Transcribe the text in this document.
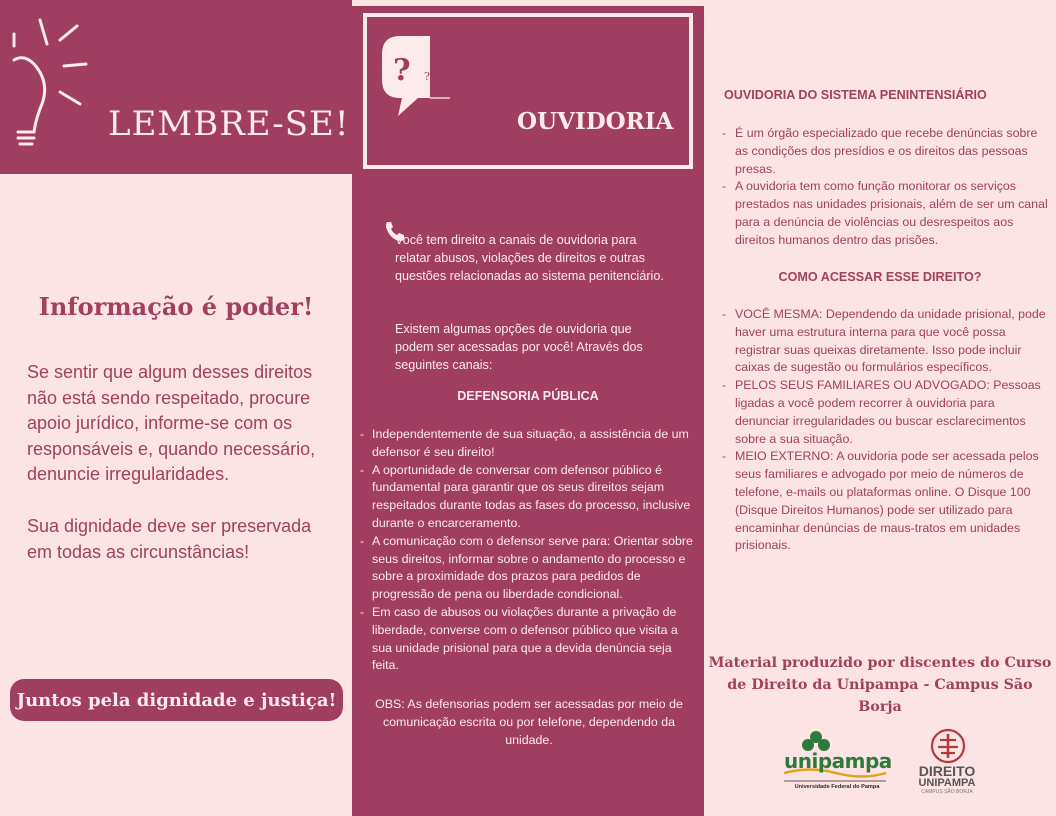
LEMBRE-SE!
Informação é poder!

Se sentir que algum desses direitos não está sendo respeitado, procure apoio jurídico, informe-se com os responsáveis e, quando necessário, denuncie irregularidades.

Sua dignidade deve ser preservada em todas as circunstâncias!

Juntos pela dignidade e justiça!
? ?
OUVIDORIA

Você tem direito a canais de ouvidoria para relatar abusos, violações de direitos e outras questões relacionadas ao sistema penitenciário.

Existem algumas opções de ouvidoria que podem ser acessadas por você! Através dos seguintes canais:

DEFENSORIA PÚBLICA
- Independentemente de sua situação, a assistência de um defensor é seu direito!
- A oportunidade de conversar com defensor público é fundamental para garantir que os seus direitos sejam respeitados durante todas as fases do processo, inclusive durante o encarceramento.
- A comunicação com o defensor serve para: Orientar sobre seus direitos, informar sobre o andamento do processo e sobre a proximidade dos prazos para pedidos de progressão de pena ou liberdade condicional.
- Em caso de abusos ou violações durante a privação de liberdade, converse com o defensor público que visita a sua unidade prisional para que a devida denúncia seja feita.

OBS: As defensorias podem ser acessadas por meio de comunicação escrita ou por telefone, dependendo da unidade.

OUVIDORIA DO SISTEMA PENINTENSIÁRIO
- É um órgão especializado que recebe denúncias sobre as condições dos presídios e os direitos das pessoas presas.
- A ouvidoria tem como função monitorar os serviços prestados nas unidades prisionais, além de ser um canal para a denúncia de violências ou desrespeitos aos direitos humanos dentro das prisões.
COMO ACESSAR ESSE DIREITO?
- VOCÊ MESMA: Dependendo da unidade prisional, pode haver uma estrutura interna para que você possa registrar suas queixas diretamente. Isso pode incluir caixas de sugestão ou formulários específicos.
- PELOS SEUS FAMILIARES OU ADVOGADO: Pessoas ligadas a você podem recorrer à ouvidoria para denunciar irregularidades ou buscar esclarecimentos sobre a sua situação.
- MEIO EXTERNO: A ouvidoria pode ser acessada pelos seus familiares e advogado por meio de números de telefone, e-mails ou plataformas online. O Disque 100 (Disque Direitos Humanos) pode ser utilizado para encaminhar denúncias de maus-tratos em unidades prisionais.

Material produzido por discentes do Curso de Direito da Unipampa - Campus São Borja

unipampa
Universidade Federal do Pampa
DIREITO
UNIPAMPA
CAMPUS SÃO BORJA
